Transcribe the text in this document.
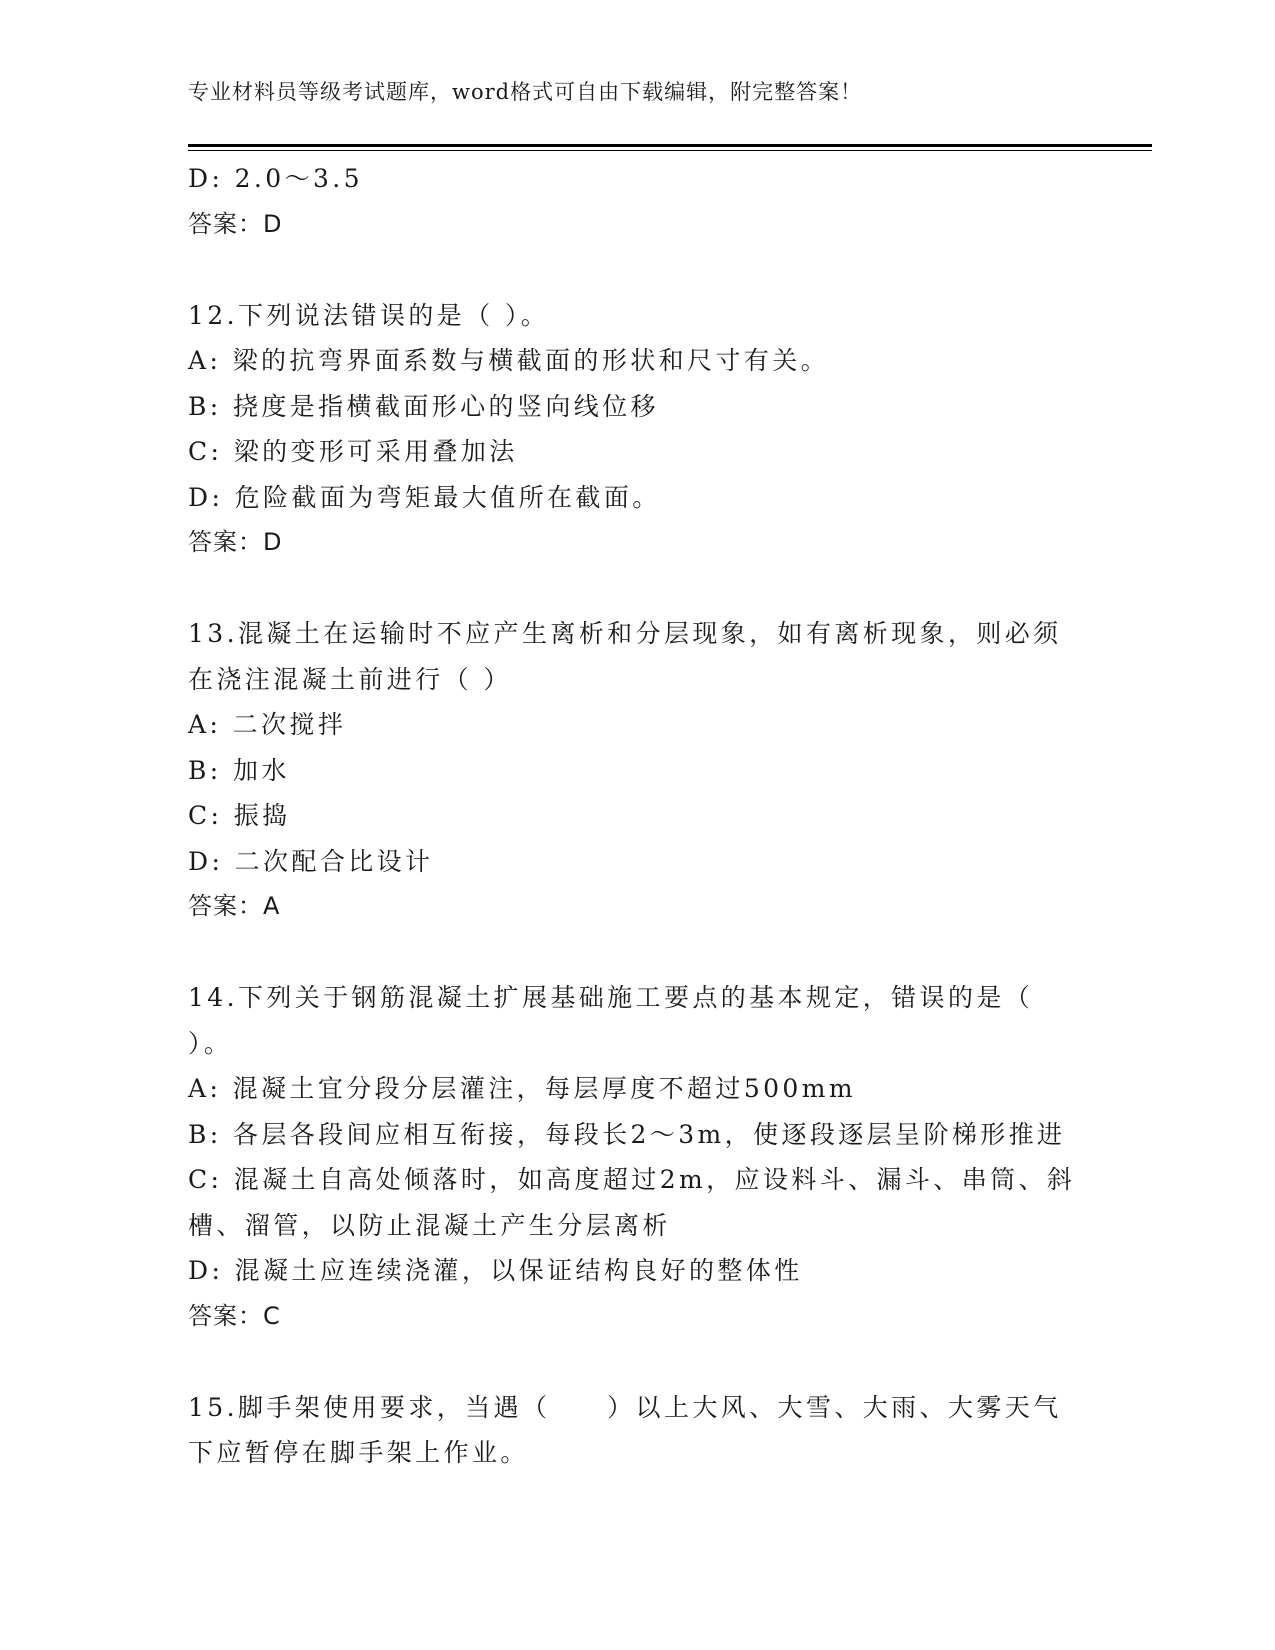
专业材料员等级考试题库，word格式可自由下载编辑，附完整答案！
D: 2.0～3.5
答案：D
12.下列说法错误的是（ ）。
A: 梁的抗弯界面系数与横截面的形状和尺寸有关。
B: 挠度是指横截面形心的竖向线位移
C: 梁的变形可采用叠加法
D: 危险截面为弯矩最大值所在截面。
答案：D
13.混凝土在运输时不应产生离析和分层现象，如有离析现象，则必须
在浇注混凝土前进行（ ）
A: 二次搅拌
B: 加水
C: 振捣
D: 二次配合比设计
答案：A
14.下列关于钢筋混凝土扩展基础施工要点的基本规定，错误的是（
）。
A: 混凝土宜分段分层灌注，每层厚度不超过500mm
B: 各层各段间应相互衔接，每段长2～3m，使逐段逐层呈阶梯形推进
C: 混凝土自高处倾落时，如高度超过2m，应设料斗、漏斗、串筒、斜
槽、溜管，以防止混凝土产生分层离析
D: 混凝土应连续浇灌，以保证结构良好的整体性
答案：C
15.脚手架使用要求，当遇（　　）以上大风、大雪、大雨、大雾天气
下应暂停在脚手架上作业。
